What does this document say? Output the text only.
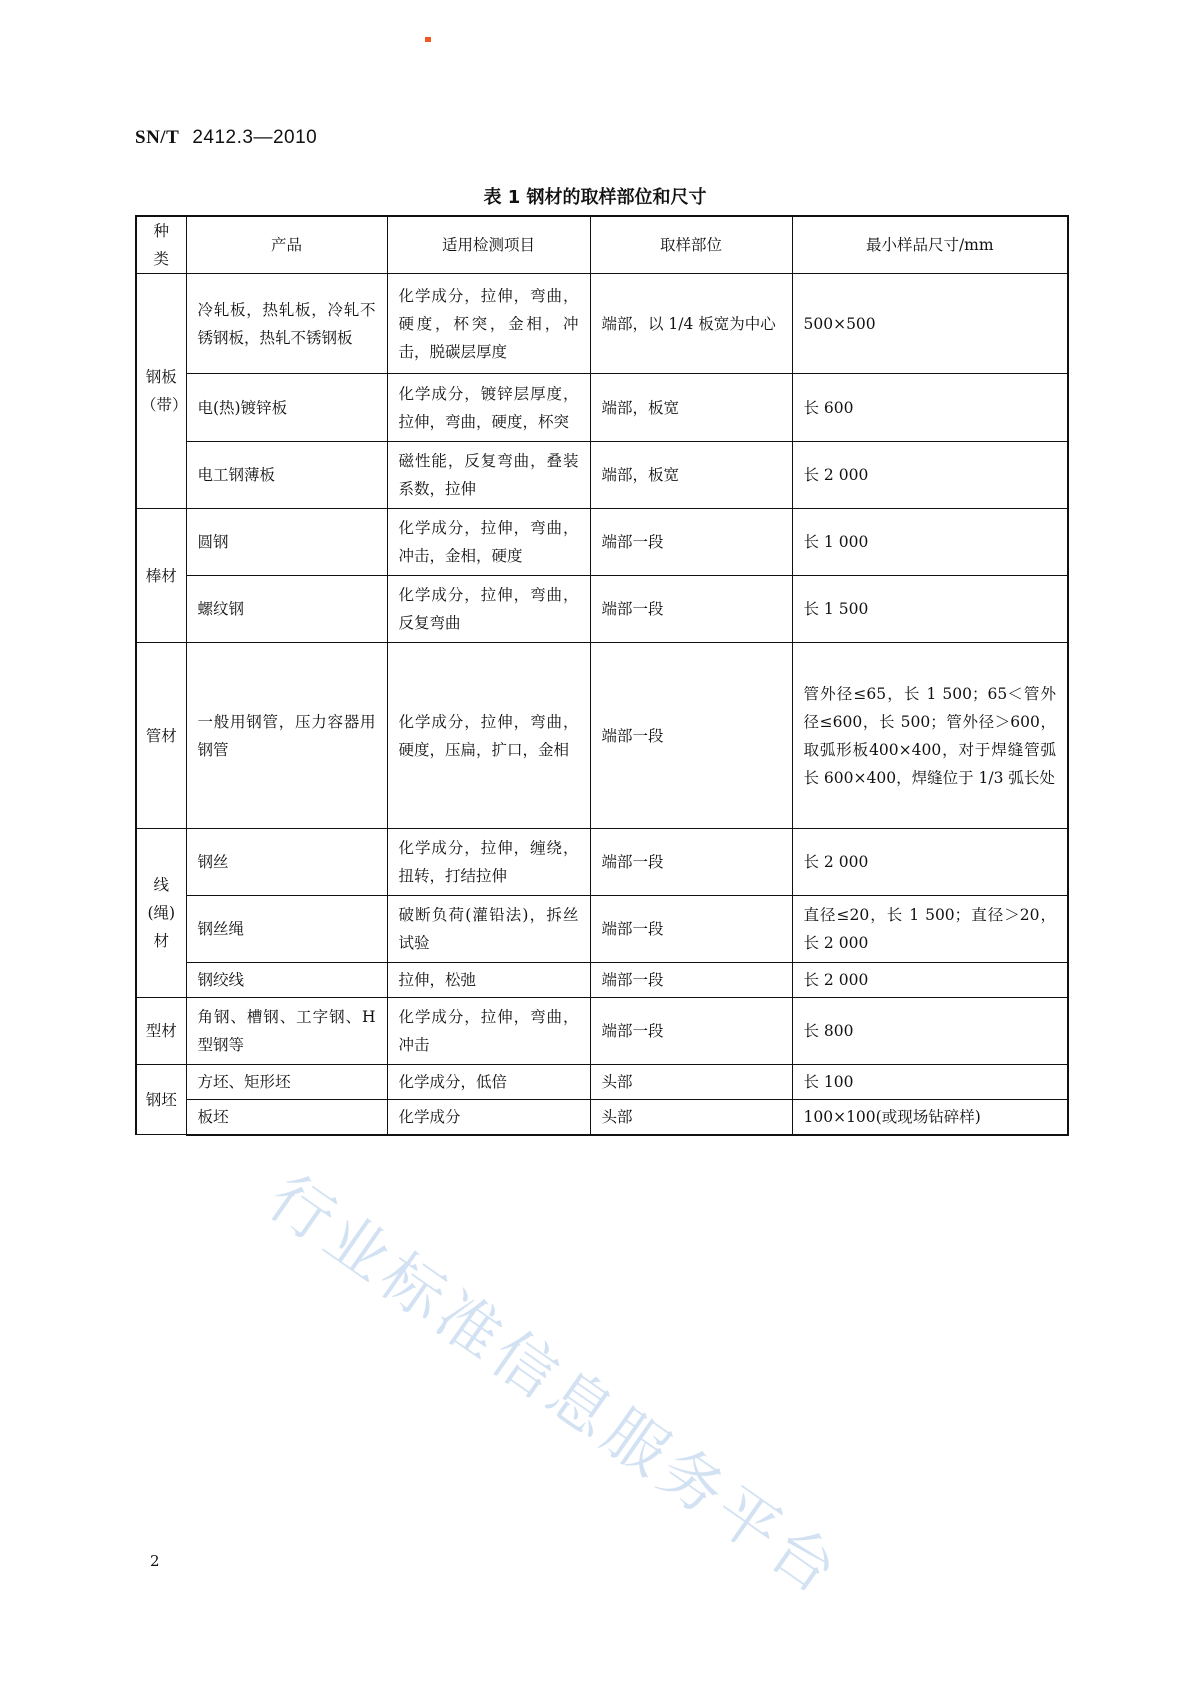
SN/T 2412.3—2010
表 1 钢材的取样部位和尺寸
种类	产品	适用检测项目	取样部位	最小样品尺寸/mm
钢板（带）	冷轧板，热轧板，冷轧不锈钢板，热轧不锈钢板	化学成分，拉伸，弯曲，硬度，杯突，金相，冲击，脱碳层厚度	端部，以 1/4 板宽为中心	500×500
	电(热)镀锌板	化学成分，镀锌层厚度，拉伸，弯曲，硬度，杯突	端部，板宽	长 600
	电工钢薄板	磁性能，反复弯曲，叠装系数，拉伸	端部，板宽	长 2 000
棒材	圆钢	化学成分，拉伸，弯曲，冲击，金相，硬度	端部一段	长 1 000
	螺纹钢	化学成分，拉伸，弯曲，反复弯曲	端部一段	长 1 500
管材	一般用钢管，压力容器用钢管	化学成分，拉伸，弯曲，硬度，压扁，扩口，金相	端部一段	管外径≤65，长 1 500；65＜管外径≤600，长 500；管外径＞600，取弧形板400×400，对于焊缝管弧长 600×400，焊缝位于 1/3 弧长处
线(绳)材	钢丝	化学成分，拉伸，缠绕，扭转，打结拉伸	端部一段	长 2 000
	钢丝绳	破断负荷(灌铅法)，拆丝试验	端部一段	直径≤20，长 1 500；直径＞20，长 2 000
	钢绞线	拉伸，松弛	端部一段	长 2 000
型材	角钢、槽钢、工字钢、H 型钢等	化学成分，拉伸，弯曲，冲击	端部一段	长 800
钢坯	方坯、矩形坯	化学成分，低倍	头部	长 100
	板坯	化学成分	头部	100×100(或现场钻碎样)
行业标准信息服务平台
2
